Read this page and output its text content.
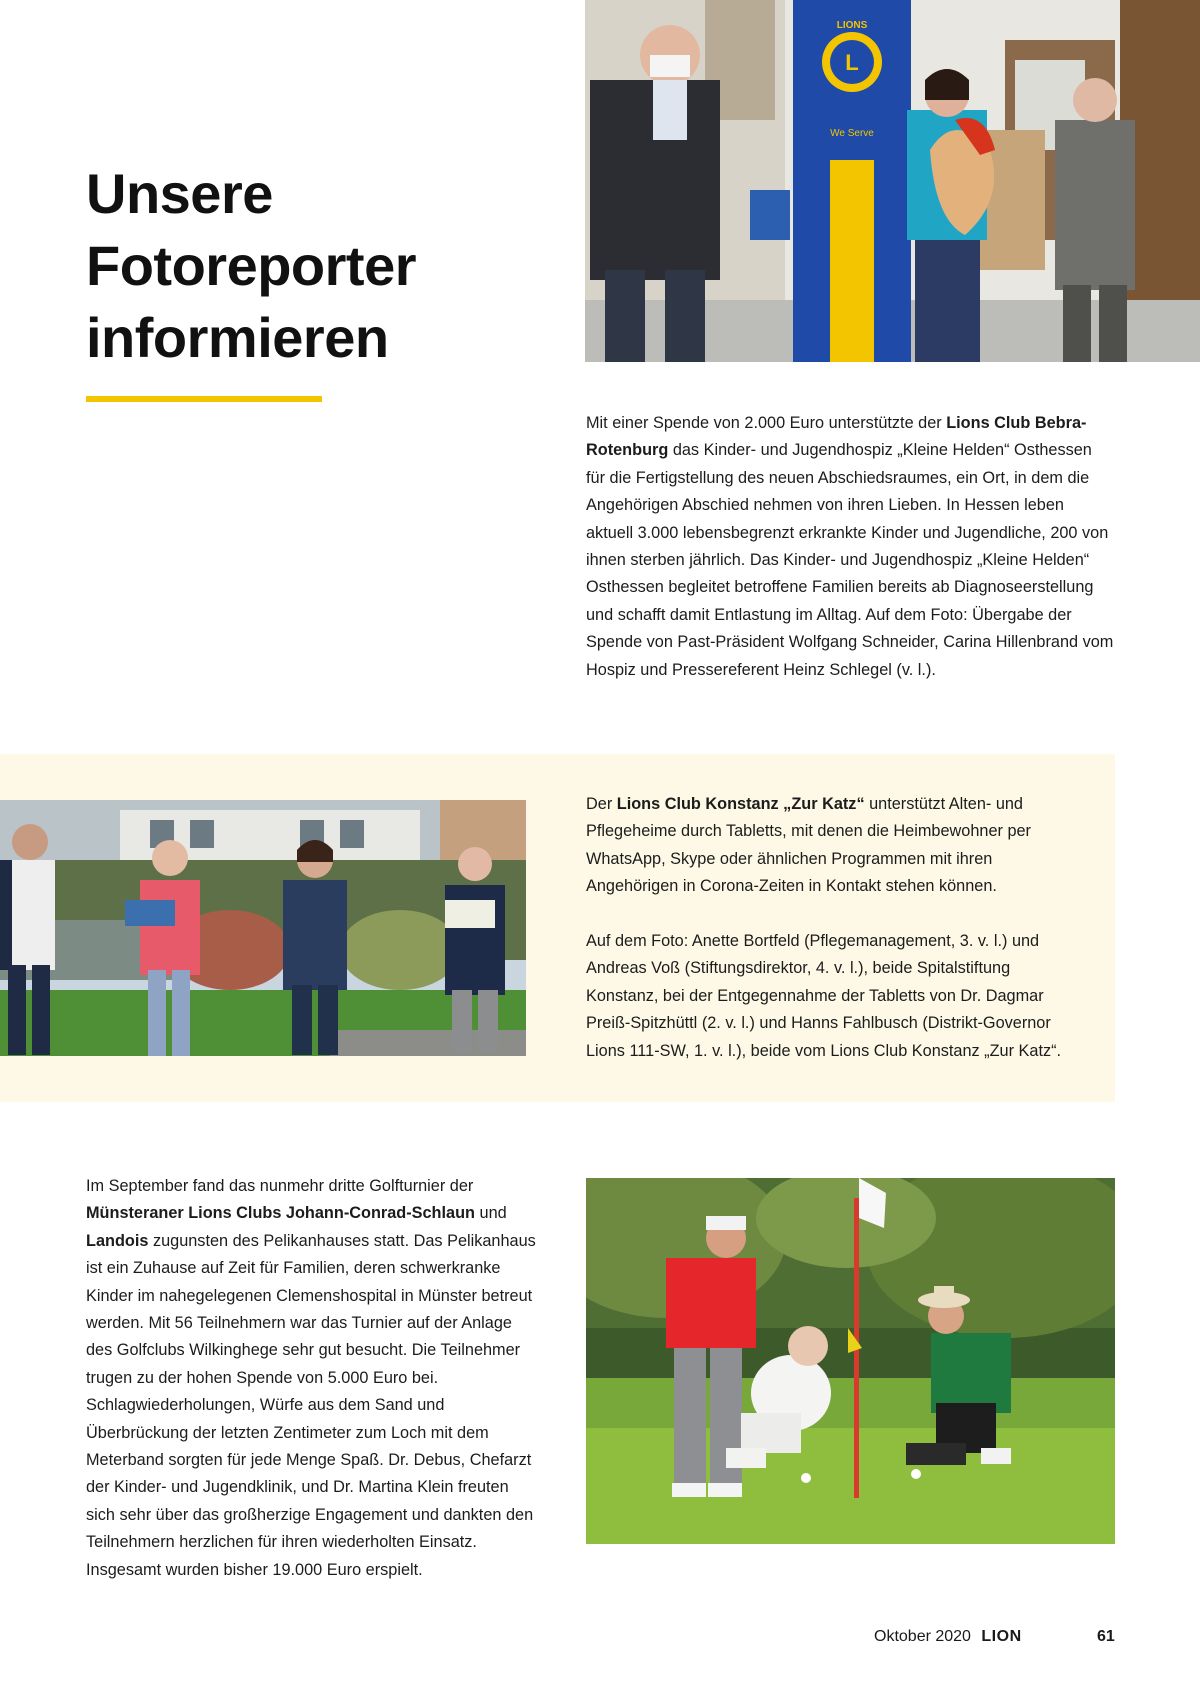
Unsere
Fotoreporter
informieren
L
LIONS
We Serve

Mit einer Spende von 2.000 Euro unterstützte der Lions Club Bebra-Rotenburg das Kinder- und Jugendhospiz „Kleine Helden“ Osthessen für die Fertigstellung des neuen Abschiedsraumes, ein Ort, in dem die Angehörigen Abschied nehmen von ihren Lieben. In Hessen leben aktuell 3.000 lebensbegrenzt erkrankte Kinder und Jugendliche, 200 von ihnen sterben jährlich. Das Kinder- und Jugendhospiz „Kleine Helden“ Osthessen begleitet betroffene Familien bereits ab Diagnoseerstellung und schafft damit Entlastung im Alltag. Auf dem Foto: Übergabe der Spende von Past-Präsident Wolfgang Schneider, Carina Hillenbrand vom Hospiz und Pressereferent Heinz Schlegel (v. l.).

Der Lions Club Konstanz „Zur Katz“ unterstützt Alten- und Pflegeheime durch Tabletts, mit denen die Heimbewohner per WhatsApp, Skype oder ähnlichen Programmen mit ihren Angehörigen in Corona-Zeiten in Kontakt stehen können.

Auf dem Foto: Anette Bortfeld (Pflegemanagement, 3. v. l.) und Andreas Voß (Stiftungsdirektor, 4. v. l.), beide Spitalstiftung Konstanz, bei der Entgegennahme der Tabletts von Dr. Dagmar Preiß-Spitzhüttl (2. v. l.) und Hanns Fahlbusch (Distrikt-Governor Lions 111-SW, 1. v. l.), beide vom Lions Club Konstanz „Zur Katz“.

Im September fand das nunmehr dritte Golfturnier der Münsteraner Lions Clubs Johann-Conrad-Schlaun und Landois zugunsten des Pelikanhauses statt. Das Pelikanhaus ist ein Zuhause auf Zeit für Familien, deren schwerkranke Kinder im nahegelegenen Clemenshospital in Münster betreut werden. Mit 56 Teilnehmern war das Turnier auf der Anlage des Golfclubs Wilkinghege sehr gut besucht. Die Teilnehmer trugen zu der hohen Spende von 5.000 Euro bei. Schlagwiederholungen, Würfe aus dem Sand und Überbrückung der letzten Zentimeter zum Loch mit dem Meterband sorgten für jede Menge Spaß. Dr. Debus, Chefarzt der Kinder- und Jugendklinik, und Dr. Martina Klein freuten sich sehr über das großherzige Engagement und dankten den Teilnehmern herzlichen für ihren wiederholten Einsatz. Insgesamt wurden bisher 19.000 Euro erspielt.

Oktober 2020 LION	61
